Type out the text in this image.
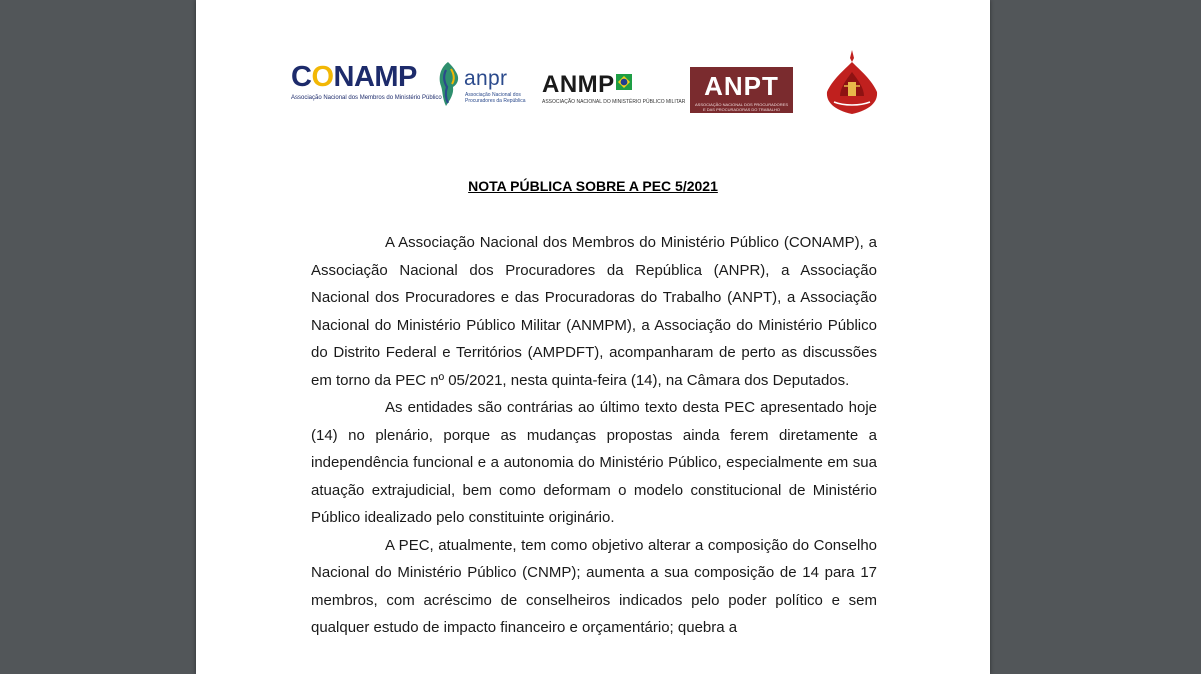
CONAMP
Associação Nacional dos Membros do Ministério Público
anpr
Associação Nacional dos Procuradores da República
ANMP
ASSOCIAÇÃO NACIONAL DO MINISTÉRIO PÚBLICO MILITAR
ANPT
ASSOCIAÇÃO NACIONAL DOS PROCURADORES E DAS PROCURADORAS DO TRABALHO
NOTA PÚBLICA SOBRE A PEC 5/2021

A Associação Nacional dos Membros do Ministério Público (CONAMP), a Associação Nacional dos Procuradores da República (ANPR), a Associação Nacional dos Procuradores e das Procuradoras do Trabalho (ANPT), a Associação Nacional do Ministério Público Militar (ANMPM), a Associação do Ministério Público do Distrito Federal e Territórios (AMPDFT), acompanharam de perto as discussões em torno da PEC nº 05/2021, nesta quinta-feira (14), na Câmara dos Deputados.

As entidades são contrárias ao último texto desta PEC apresentado hoje (14) no plenário, porque as mudanças propostas ainda ferem diretamente a independência funcional e a autonomia do Ministério Público, especialmente em sua atuação extrajudicial, bem como deformam o modelo constitucional de Ministério Público idealizado pelo constituinte originário.

A PEC, atualmente, tem como objetivo alterar a composição do Conselho Nacional do Ministério Público (CNMP); aumenta a sua composição de 14 para 17 membros, com acréscimo de conselheiros indicados pelo poder político e sem qualquer estudo de impacto financeiro e orçamentário; quebra a
